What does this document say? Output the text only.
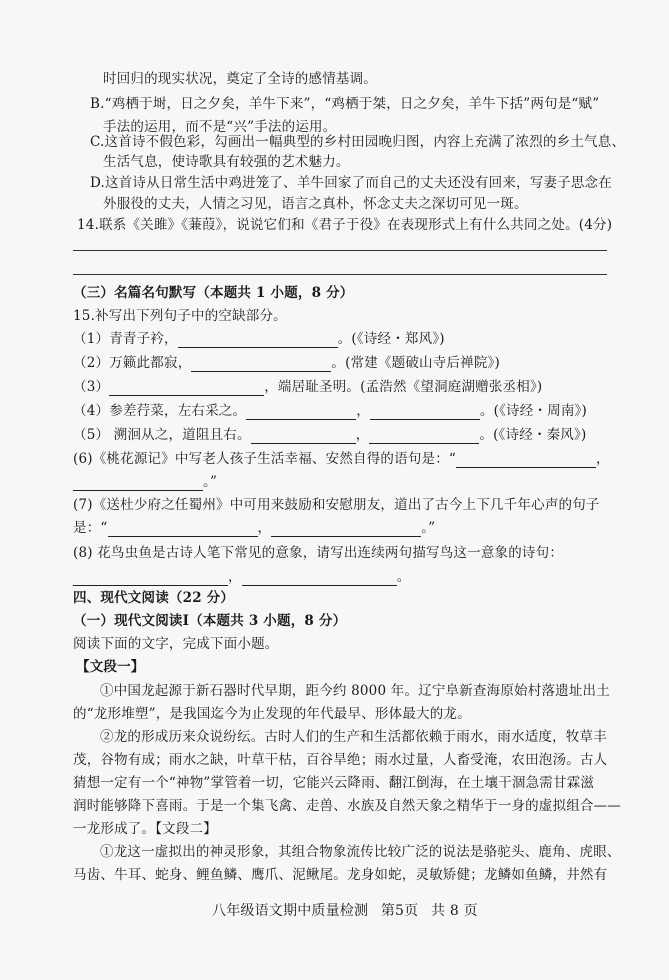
时回归的现实状况，奠定了全诗的感情基调。
B.“鸡栖于埘，日之夕矣，羊牛下来”，“鸡栖于桀，日之夕矣，羊牛下括”两句是“赋”
手法的运用，而不是“兴”手法的运用。
C.这首诗不假色彩，勾画出一幅典型的乡村田园晚归图，内容上充满了浓烈的乡土气息、
生活气息，使诗歌具有较强的艺术魅力。
D.这首诗从日常生活中鸡进笼了、羊牛回家了而自己的丈夫还没有回来，写妻子思念在
外服役的丈夫，人情之习见，语言之真朴，怀念丈夫之深切可见一斑。
14.联系《关雎》《蒹葭》，说说它们和《君子于役》在表现形式上有什么共同之处。(4分)
（三）名篇名句默写（本题共 1 小题，8 分）
15.补写出下列句子中的空缺部分。
（1）青青子衿，	。(《诗经・郑风》)
（2）万籁此都寂，	。(常建《题破山寺后禅院》)
（3）	，端居耻圣明。(孟浩然《望洞庭湖赠张丞相》)
（4）参差荇菜，左右采之。	，	。(《诗经・周南》)
（5） 溯洄从之，道阻且右。	，	。(《诗经・秦风》)
(6)《桃花源记》中写老人孩子生活幸福、安然自得的语句是：“	，
。”
(7)《送杜少府之任蜀州》中可用来鼓励和安慰朋友，道出了古今上下几千年心声的句子
是：“	，	。”
(8) 花鸟虫鱼是古诗人笔下常见的意象，请写出连续两句描写鸟这一意象的诗句：
，	。
四、现代文阅读（22 分）
（一）现代文阅读Ⅰ（本题共 3 小题，8 分）
阅读下面的文字，完成下面小题。
【文段一】
①中国龙起源于新石器时代早期，距今约 8000 年。辽宁阜新查海原始村落遗址出土
的“龙形堆塑”，是我国迄今为止发现的年代最早、形体最大的龙。
②龙的形成历来众说纷纭。古时人们的生产和生活都依赖于雨水，雨水适度，牧草丰
茂，谷物有成；雨水之缺，叶草干枯，百谷旱绝；雨水过量，人畜受淹，农田泡汤。古人
猜想一定有一个“神物”掌管着一切，它能兴云降雨、翻江倒海，在土壤干涸急需甘霖滋
润时能够降下喜雨。于是一个集飞禽、走兽、水族及自然天象之精华于一身的虚拟组合——
一龙形成了。【文段二】
①龙这一虚拟出的神灵形象，其组合物象流传比较广泛的说法是骆驼头、鹿角、虎眼、
马齿、牛耳、蛇身、鲤鱼鳞、鹰爪、泥鳅尾。龙身如蛇，灵敏矫健；龙鳞如鱼鳞，井然有
八年级语文期中质量检测 第5页 共 8 页
